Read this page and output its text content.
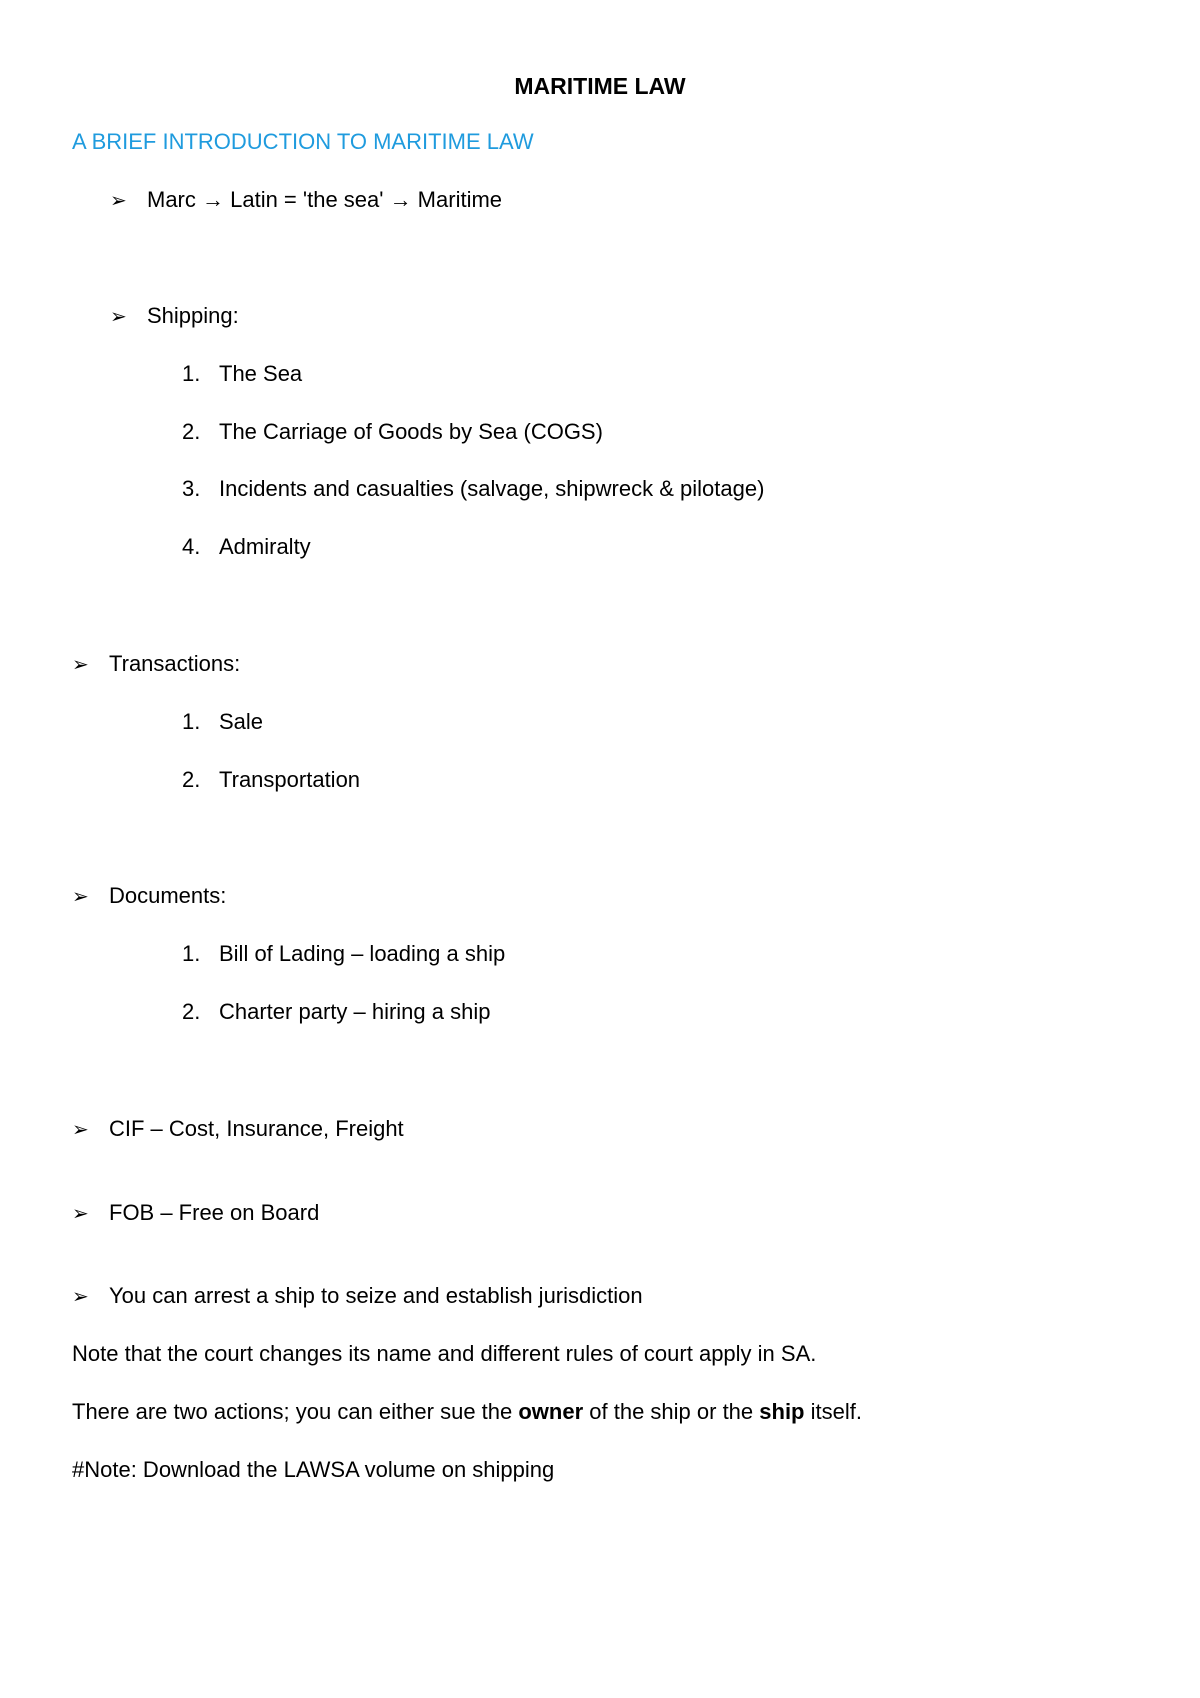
MARITIME LAW
A BRIEF INTRODUCTION TO MARITIME LAW
➢ Marc → Latin = 'the sea' → Maritime
➢ Shipping:
1. The Sea
2. The Carriage of Goods by Sea (COGS)
3. Incidents and casualties (salvage, shipwreck & pilotage)
4. Admiralty
➢ Transactions:
1. Sale
2. Transportation
➢ Documents:
1. Bill of Lading – loading a ship
2. Charter party – hiring a ship
➢ CIF – Cost, Insurance, Freight
➢ FOB – Free on Board
➢ You can arrest a ship to seize and establish jurisdiction
Note that the court changes its name and different rules of court apply in SA.
There are two actions; you can either sue the owner of the ship or the ship itself.
#Note: Download the LAWSA volume on shipping
